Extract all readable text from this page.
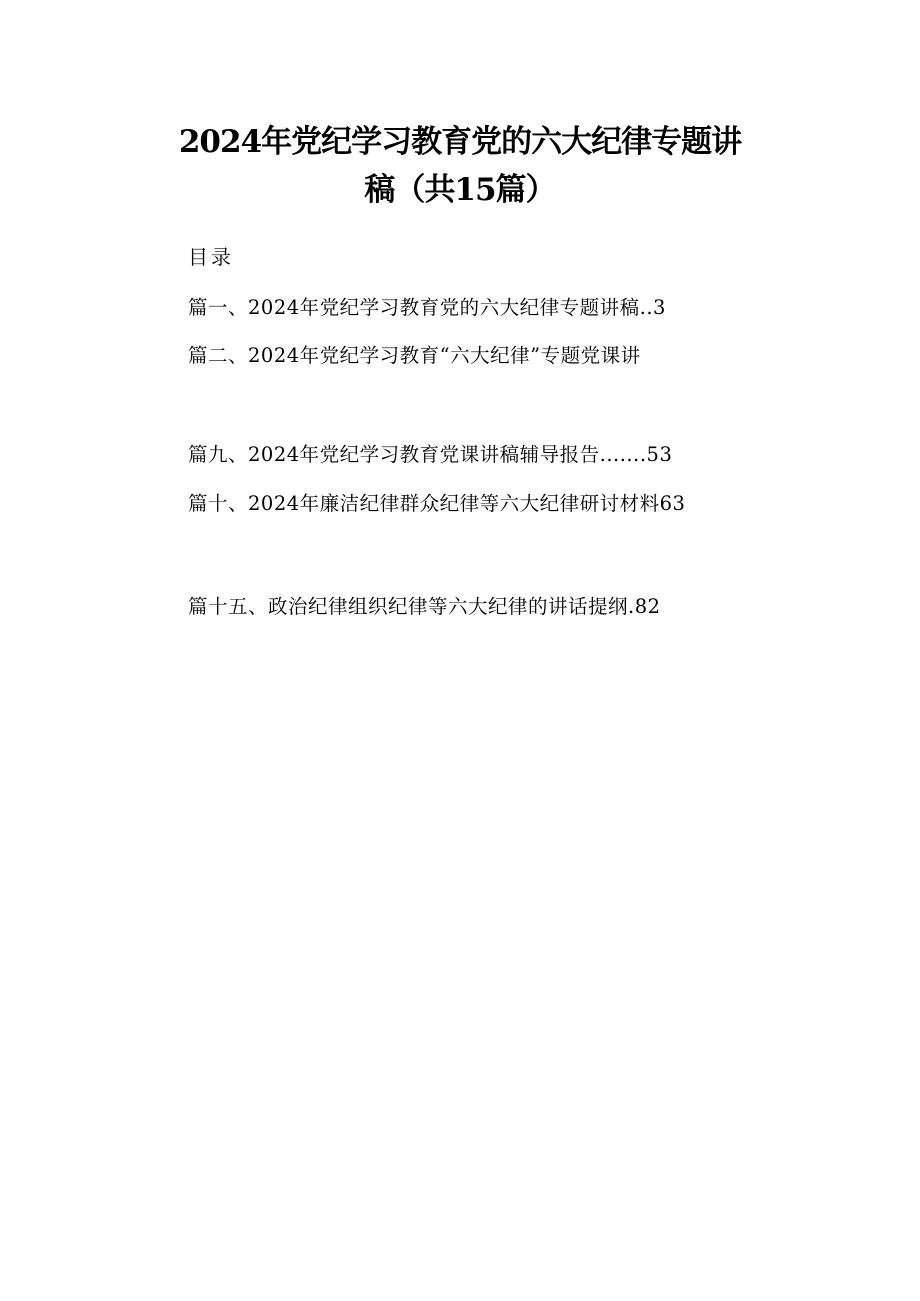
2024年党纪学习教育党的六大纪律专题讲
稿（共15篇）
目录
篇一、2024年党纪学习教育党的六大纪律专题讲稿..3
篇二、2024年党纪学习教育“六大纪律”专题党课讲
篇九、2024年党纪学习教育党课讲稿辅导报告.......53
篇十、2024年廉洁纪律群众纪律等六大纪律研讨材料63
篇十五、政治纪律组织纪律等六大纪律的讲话提纲.82
